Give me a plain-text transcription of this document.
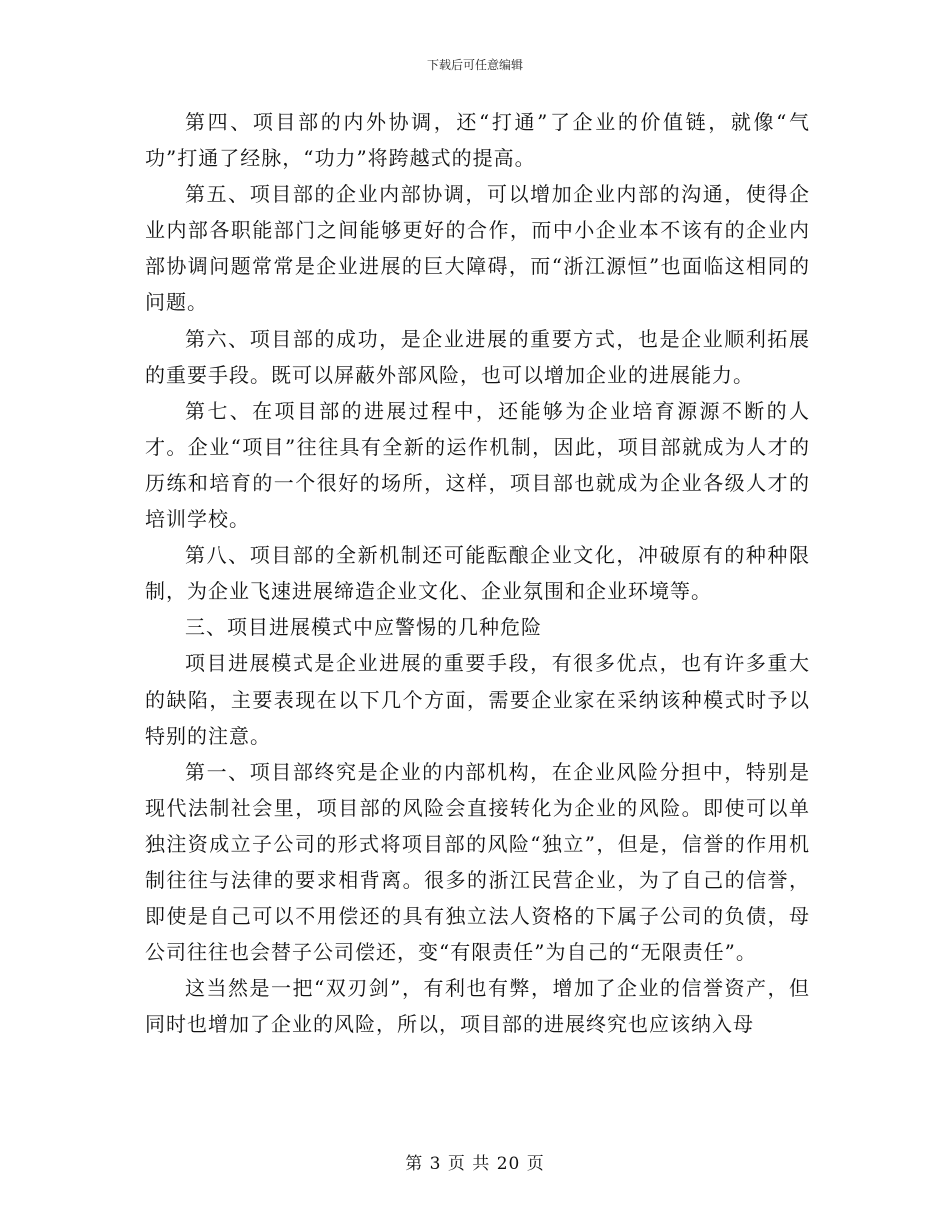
下载后可任意编辑

第四、项目部的内外协调，还“打通”了企业的价值链，就像“气功”打通了经脉，“功力”将跨越式的提高。

第五、项目部的企业内部协调，可以增加企业内部的沟通，使得企业内部各职能部门之间能够更好的合作，而中小企业本不该有的企业内部协调问题常常是企业进展的巨大障碍，而“浙江源恒”也面临这相同的问题。

第六、项目部的成功，是企业进展的重要方式，也是企业顺利拓展的重要手段。既可以屏蔽外部风险，也可以增加企业的进展能力。

第七、在项目部的进展过程中，还能够为企业培育源源不断的人才。企业“项目”往往具有全新的运作机制，因此，项目部就成为人才的历练和培育的一个很好的场所，这样，项目部也就成为企业各级人才的培训学校。

第八、项目部的全新机制还可能酝酿企业文化，冲破原有的种种限制，为企业飞速进展缔造企业文化、企业氛围和企业环境等。

三、项目进展模式中应警惕的几种危险

项目进展模式是企业进展的重要手段，有很多优点，也有许多重大的缺陷，主要表现在以下几个方面，需要企业家在采纳该种模式时予以特别的注意。

第一、项目部终究是企业的内部机构，在企业风险分担中，特别是现代法制社会里，项目部的风险会直接转化为企业的风险。即使可以单独注资成立子公司的形式将项目部的风险“独立”，但是，信誉的作用机制往往与法律的要求相背离。很多的浙江民营企业，为了自己的信誉，即使是自己可以不用偿还的具有独立法人资格的下属子公司的负债，母公司往往也会替子公司偿还，变“有限责任”为自己的“无限责任”。

这当然是一把“双刃剑”，有利也有弊，增加了企业的信誉资产，但同时也增加了企业的风险，所以，项目部的进展终究也应该纳入母

第 3 页 共 20 页
